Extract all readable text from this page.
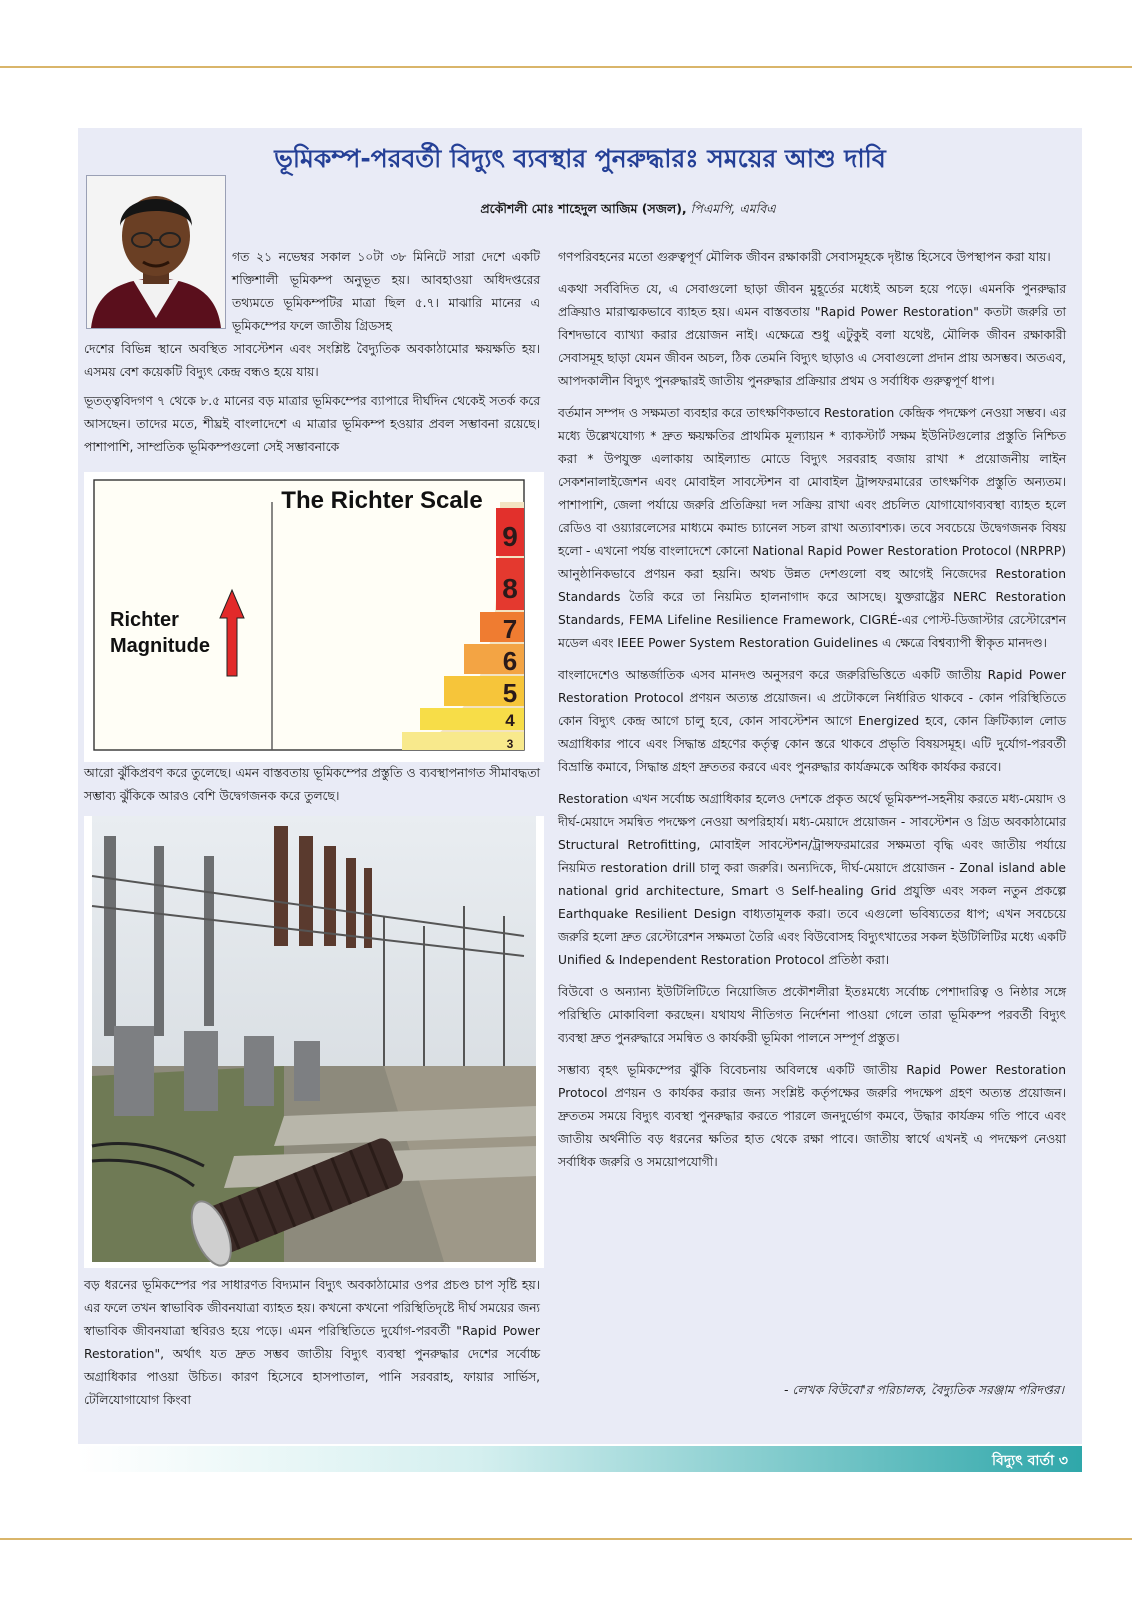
ভূমিকম্প-পরবর্তী বিদ্যুৎ ব্যবস্থার পুনরুদ্ধারঃ সময়ের আশু দাবি
প্রকৌশলী মোঃ শাহেদুল আজিম (সজল), পিএমপি, এমবিএ

গত ২১ নভেম্বর সকাল ১০টা ৩৮ মিনিটে সারা দেশে একটি শক্তিশালী ভূমিকম্প অনুভূত হয়। আবহাওয়া অধিদপ্তরের তথ্যমতে ভূমিকম্পটির মাত্রা ছিল ৫.৭। মাঝারি মানের এ ভূমিকম্পের ফলে জাতীয় গ্রিডসহ

দেশের বিভিন্ন স্থানে অবস্থিত সাবস্টেশন এবং সংশ্লিষ্ট বৈদ্যুতিক অবকাঠামোর ক্ষয়ক্ষতি হয়। এসময় বেশ কয়েকটি বিদ্যুৎ কেন্দ্র বন্ধও হয়ে যায়।

ভূতত্ত্ববিদগণ ৭ থেকে ৮.৫ মানের বড় মাত্রার ভূমিকম্পের ব্যাপারে দীর্ঘদিন থেকেই সতর্ক করে আসছেন। তাদের মতে, শীঘ্রই বাংলাদেশে এ মাত্রার ভূমিকম্প হওয়ার প্রবল সম্ভাবনা রয়েছে। পাশাপাশি, সাম্প্রতিক ভূমিকম্পগুলো সেই সম্ভাবনাকে

9
8
7
6
5
4
3
The Richter Scale
Richter
Magnitude

আরো ঝুঁকিপ্রবণ করে তুলেছে। এমন বাস্তবতায় ভূমিকম্পের প্রস্তুতি ও ব্যবস্থাপনাগত সীমাবদ্ধতা সম্ভাব্য ঝুঁকিকে আরও বেশি উদ্বেগজনক করে তুলছে।

বড় ধরনের ভূমিকম্পের পর সাধারণত বিদ্যমান বিদ্যুৎ অবকাঠামোর ওপর প্রচণ্ড চাপ সৃষ্টি হয়। এর ফলে তখন স্বাভাবিক জীবনযাত্রা ব্যাহত হয়। কখনো কখনো পরিস্থিতিদৃষ্টে দীর্ঘ সময়ের জন্য স্বাভাবিক জীবনযাত্রা স্থবিরও হয়ে পড়ে। এমন পরিস্থিতিতে দুর্যোগ-পরবর্তী "Rapid Power Restoration", অর্থাৎ যত দ্রুত সম্ভব জাতীয় বিদ্যুৎ ব্যবস্থা পুনরুদ্ধার দেশের সর্বোচ্চ অগ্রাধিকার পাওয়া উচিত। কারণ হিসেবে হাসপাতাল, পানি সরবরাহ, ফায়ার সার্ভিস, টেলিযোগাযোগ কিংবা

গণপরিবহনের মতো গুরুত্বপূর্ণ মৌলিক জীবন রক্ষাকারী সেবাসমূহকে দৃষ্টান্ত হিসেবে উপস্থাপন করা যায়।

একথা সর্ববিদিত যে, এ সেবাগুলো ছাড়া জীবন মুহূর্তের মধ্যেই অচল হয়ে পড়ে। এমনকি পুনরুদ্ধার প্রক্রিয়াও মারাত্মকভাবে ব্যাহত হয়। এমন বাস্তবতায় "Rapid Power Restoration" কতটা জরুরি তা বিশদভাবে ব্যাখ্যা করার প্রয়োজন নাই। এক্ষেত্রে শুধু এটুকুই বলা যথেষ্ট, মৌলিক জীবন রক্ষাকারী সেবাসমূহ ছাড়া যেমন জীবন অচল, ঠিক তেমনি বিদ্যুৎ ছাড়াও এ সেবাগুলো প্রদান প্রায় অসম্ভব। অতএব, আপদকালীন বিদ্যুৎ পুনরুদ্ধারই জাতীয় পুনরুদ্ধার প্রক্রিয়ার প্রথম ও সর্বাধিক গুরুত্বপূর্ণ ধাপ।

বর্তমান সম্পদ ও সক্ষমতা ব্যবহার করে তাৎক্ষণিকভাবে Restoration কেন্দ্রিক পদক্ষেপ নেওয়া সম্ভব। এর মধ্যে উল্লেখযোগ্য * দ্রুত ক্ষয়ক্ষতির প্রাথমিক মূল্যায়ন * ব্যাকস্টার্ট সক্ষম ইউনিটগুলোর প্রস্তুতি নিশ্চিত করা * উপযুক্ত এলাকায় আইল্যান্ড মোডে বিদ্যুৎ সরবরাহ বজায় রাখা * প্রয়োজনীয় লাইন সেকশনালাইজেশন এবং মোবাইল সাবস্টেশন বা মোবাইল ট্রান্সফরমারের তাৎক্ষণিক প্রস্তুতি অন্যতম। পাশাপাশি, জেলা পর্যায়ে জরুরি প্রতিক্রিয়া দল সক্রিয় রাখা এবং প্রচলিত যোগাযোগব্যবস্থা ব্যাহত হলে রেডিও বা ওয়্যারলেসের মাধ্যমে কমান্ড চ্যানেল সচল রাখা অত্যাবশ্যক। তবে সবচেয়ে উদ্বেগজনক বিষয় হলো - এখনো পর্যন্ত বাংলাদেশে কোনো National Rapid Power Restoration Protocol (NRPRP) আনুষ্ঠানিকভাবে প্রণয়ন করা হয়নি। অথচ উন্নত দেশগুলো বহু আগেই নিজেদের Restoration Standards তৈরি করে তা নিয়মিত হালনাগাদ করে আসছে। যুক্তরাষ্ট্রের NERC Restoration Standards, FEMA Lifeline Resilience Framework, CIGRÉ-এর পোস্ট-ডিজাস্টার রেস্টোরেশন মডেল এবং IEEE Power System Restoration Guidelines এ ক্ষেত্রে বিশ্বব্যাপী স্বীকৃত মানদণ্ড।

বাংলাদেশেও আন্তর্জাতিক এসব মানদণ্ড অনুসরণ করে জরুরিভিত্তিতে একটি জাতীয় Rapid Power Restoration Protocol প্রণয়ন অত্যন্ত প্রয়োজন। এ প্রটোকলে নির্ধারিত থাকবে - কোন পরিস্থিতিতে কোন বিদ্যুৎ কেন্দ্র আগে চালু হবে, কোন সাবস্টেশন আগে Energized হবে, কোন ক্রিটিক্যাল লোড অগ্রাধিকার পাবে এবং সিদ্ধান্ত গ্রহণের কর্তৃত্ব কোন স্তরে থাকবে প্রভৃতি বিষয়সমূহ। এটি দুর্যোগ-পরবর্তী বিভ্রান্তি কমাবে, সিদ্ধান্ত গ্রহণ দ্রুততর করবে এবং পুনরুদ্ধার কার্যক্রমকে অধিক কার্যকর করবে।

Restoration এখন সর্বোচ্চ অগ্রাধিকার হলেও দেশকে প্রকৃত অর্থে ভূমিকম্প-সহনীয় করতে মধ্য-মেয়াদ ও দীর্ঘ-মেয়াদে সমন্বিত পদক্ষেপ নেওয়া অপরিহার্য। মধ্য-মেয়াদে প্রয়োজন - সাবস্টেশন ও গ্রিড অবকাঠামোর Structural Retrofitting, মোবাইল সাবস্টেশন/ট্রান্সফরমারের সক্ষমতা বৃদ্ধি এবং জাতীয় পর্যায়ে নিয়মিত restoration drill চালু করা জরুরি। অন্যদিকে, দীর্ঘ-মেয়াদে প্রয়োজন - Zonal island able national grid architecture, Smart ও Self-healing Grid প্রযুক্তি এবং সকল নতুন প্রকল্পে Earthquake Resilient Design বাধ্যতামূলক করা। তবে এগুলো ভবিষ্যতের ধাপ; এখন সবচেয়ে জরুরি হলো দ্রুত রেস্টোরেশন সক্ষমতা তৈরি এবং বিউবোসহ বিদ্যুৎখাতের সকল ইউটিলিটির মধ্যে একটি Unified & Independent Restoration Protocol প্রতিষ্ঠা করা।

বিউবো ও অন্যান্য ইউটিলিটিতে নিয়োজিত প্রকৌশলীরা ইতঃমধ্যে সর্বোচ্চ পেশাদারিত্ব ও নিষ্ঠার সঙ্গে পরিস্থিতি মোকাবিলা করছেন। যথাযথ নীতিগত নির্দেশনা পাওয়া গেলে তারা ভূমিকম্প পরবর্তী বিদ্যুৎ ব্যবস্থা দ্রুত পুনরুদ্ধারে সমন্বিত ও কার্যকরী ভূমিকা পালনে সম্পূর্ণ প্রস্তুত।

সম্ভাব্য বৃহৎ ভূমিকম্পের ঝুঁকি বিবেচনায় অবিলম্বে একটি জাতীয় Rapid Power Restoration Protocol প্রণয়ন ও কার্যকর করার জন্য সংশ্লিষ্ট কর্তৃপক্ষের জরুরি পদক্ষেপ গ্রহণ অত্যন্ত প্রয়োজন। দ্রুততম সময়ে বিদ্যুৎ ব্যবস্থা পুনরুদ্ধার করতে পারলে জনদুর্ভোগ কমবে, উদ্ধার কার্যক্রম গতি পাবে এবং জাতীয় অর্থনীতি বড় ধরনের ক্ষতির হাত থেকে রক্ষা পাবে। জাতীয় স্বার্থে এখনই এ পদক্ষেপ নেওয়া সর্বাধিক জরুরি ও সময়োপযোগী।

- লেখক বিউবো'র পরিচালক, বৈদ্যুতিক সরঞ্জাম পরিদপ্তর।
বিদ্যুৎ বার্তা ৩
